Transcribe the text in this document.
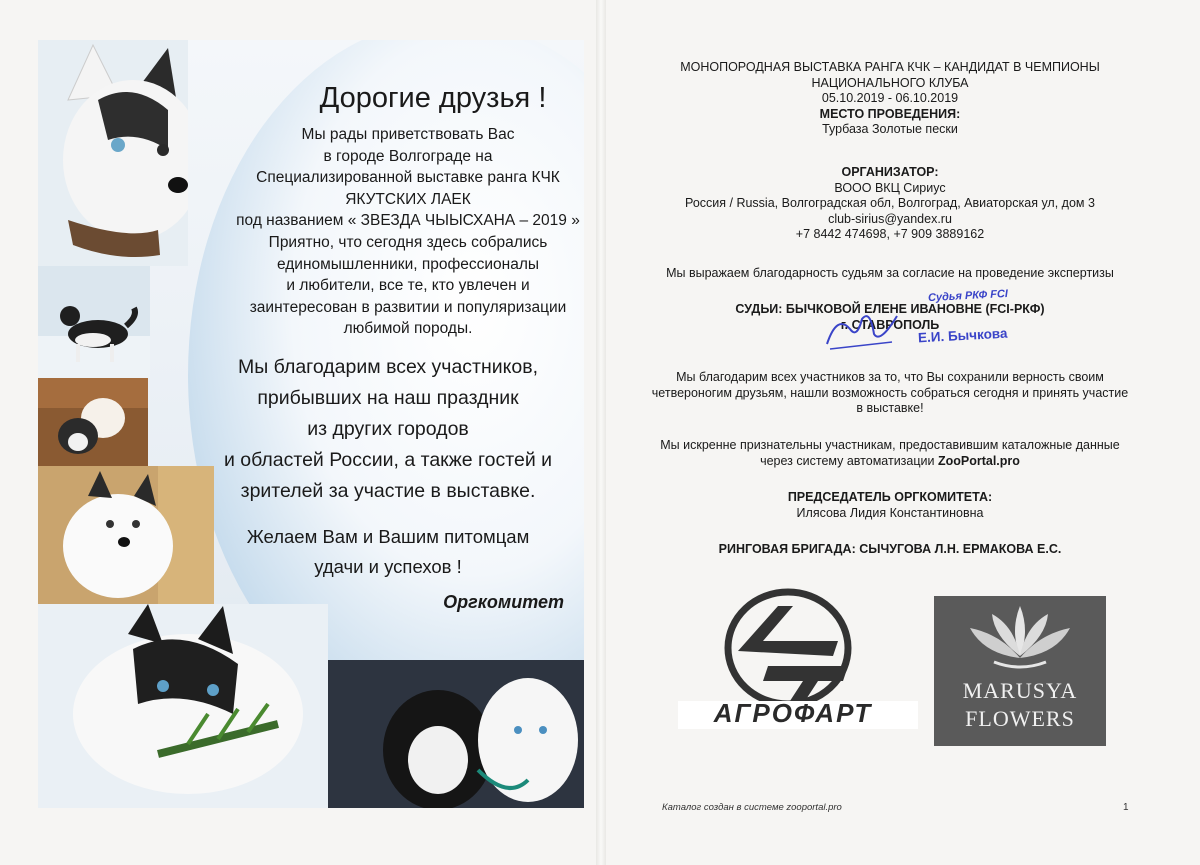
Дорогие друзья !
Мы рады приветствовать Вас
в городе Волгограде на
Специализированной выставке ранга КЧК
ЯКУТСКИХ ЛАЕК
под названием « ЗВЕЗДА ЧЫЫСХАНА – 2019 »
Приятно, что сегодня здесь собрались
единомышленники, профессионалы
и любители, все те, кто увлечен и
заинтересован в развитии и популяризации
любимой породы.
Мы благодарим всех участников,
прибывших на наш праздник
из других городов
и областей России, а также гостей и
зрителей за участие в выставке.
Желаем Вам и Вашим питомцам
удачи и успехов !
Оргкомитет
МОНОПОРОДНАЯ ВЫСТАВКА РАНГА КЧК – КАНДИДАТ В ЧЕМПИОНЫ
НАЦИОНАЛЬНОГО КЛУБА
05.10.2019 - 06.10.2019
МЕСТО ПРОВЕДЕНИЯ:
Турбаза Золотые пески
ОРГАНИЗАТОР:
ВООО ВКЦ Сириус
Россия / Russia, Волгоградская обл, Волгоград, Авиаторская ул, дом 3
club-sirius@yandex.ru
+7 8442 474698, +7 909 3889162
Мы выражаем благодарность судьям за согласие на проведение экспертизы
СУДЬИ: БЫЧКОВОЙ ЕЛЕНЕ ИВАНОВНЕ (FCI-РКФ)
г. СТАВРОПОЛЬ
Судья РКФ FCI
Е.И. Бычкова
Мы благодарим всех участников за то, что Вы сохранили верность своим
четвероногим друзьям, нашли возможность собраться сегодня и принять участие
в выставке!
Мы искренне признательны участникам, предоставившим каталожные данные
через систему автоматизации ZooPortal.pro
ПРЕДСЕДАТЕЛЬ ОРГКОМИТЕТА:
Илясова Лидия Константиновна
РИНГОВАЯ БРИГАДА: СЫЧУГОВА Л.Н. ЕРМАКОВА Е.С.
АГРОФАРТ
MARUSYA
FLOWERS
Каталог создан в системе zooportal.pro	1
